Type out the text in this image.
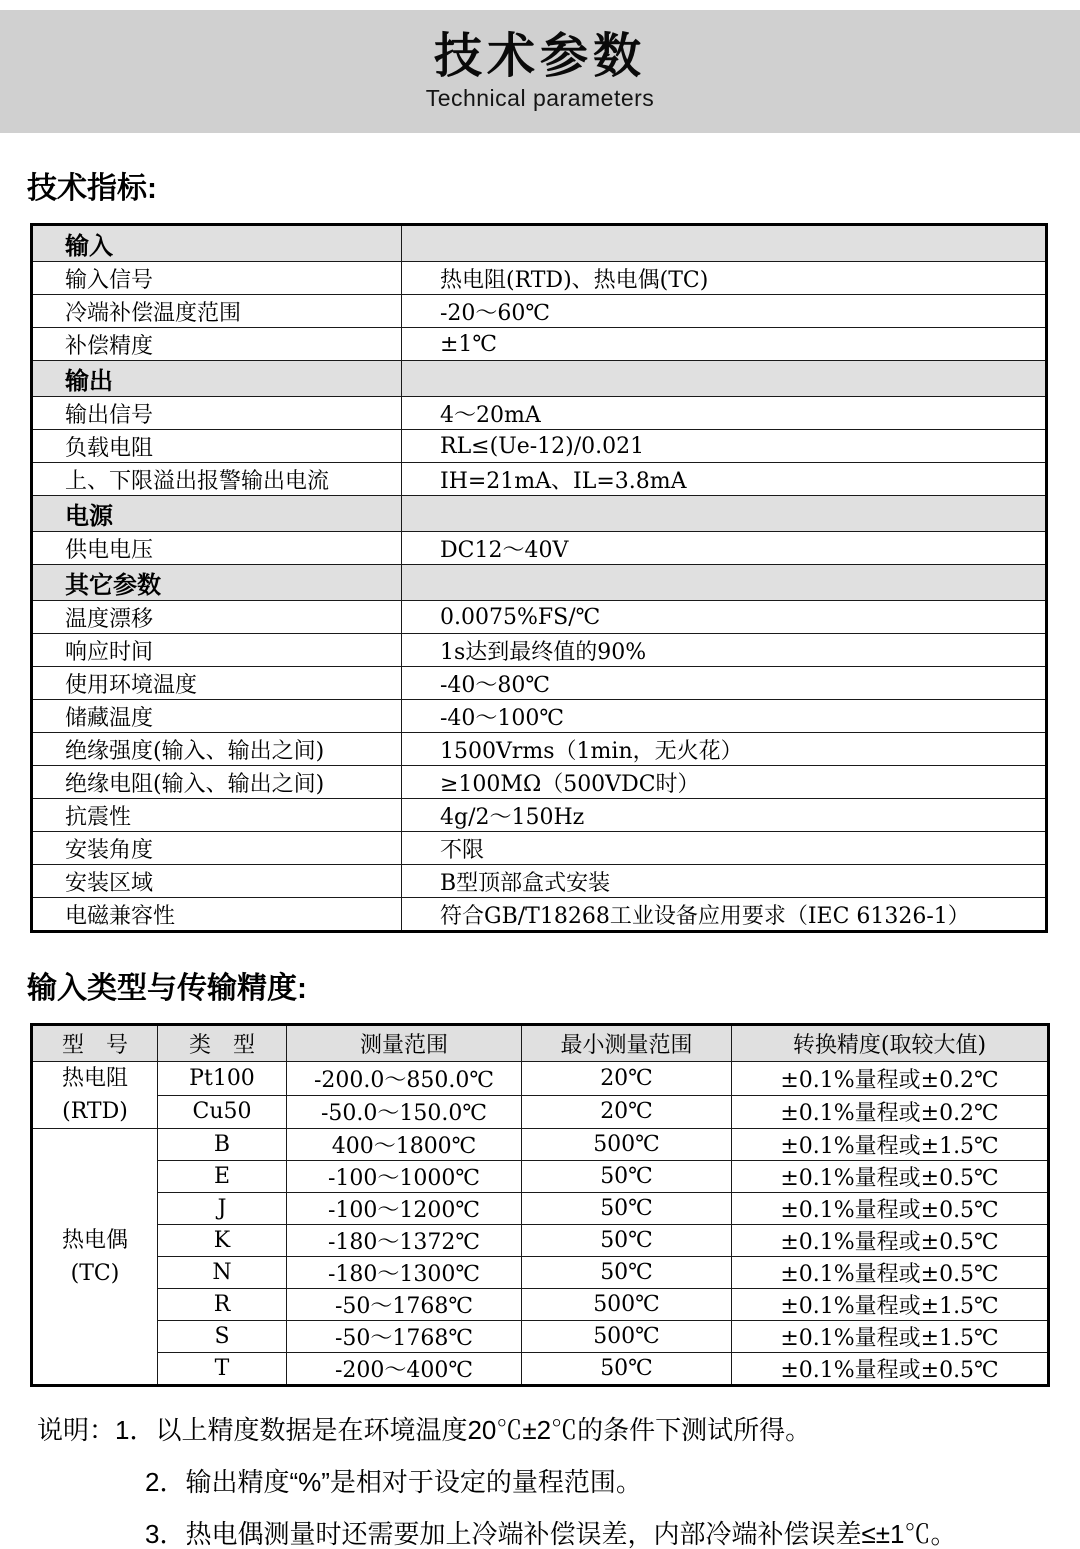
技术参数
Technical parameters
技术指标:
输入	
输入信号	热电阻(RTD)、热电偶(TC)
冷端补偿温度范围	-20～60℃
补偿精度	±1℃
输出	
输出信号	4～20mA
负载电阻	RL≤(Ue-12)/0.021
上、下限溢出报警输出电流	IH=21mA、IL=3.8mA
电源	
供电电压	DC12～40V
其它参数	
温度漂移	0.0075%FS/℃
响应时间	1s达到最终值的90%
使用环境温度	-40～80℃
储藏温度	-40～100℃
绝缘强度(输入、输出之间)	1500Vrms（1min，无火花）
绝缘电阻(输入、输出之间)	≥100MΩ（500VDC时）
抗震性	4g/2～150Hz
安装角度	不限
安装区域	B型顶部盒式安装
电磁兼容性	符合GB/T18268工业设备应用要求（IEC 61326-1）
输入类型与传输精度:
型　号	类　型	测量范围	最小测量范围	转换精度(取较大值)

热电阻
(RTD)	Pt100	-200.0～850.0℃	20℃	±0.1%量程或±0.2℃
	Cu50	-50.0～150.0℃	20℃	±0.1%量程或±0.2℃

热电偶
(TC)	B	400～1800℃	500℃	±0.1%量程或±1.5℃
	E	-100～1000℃	50℃	±0.1%量程或±0.5℃
	J	-100～1200℃	50℃	±0.1%量程或±0.5℃
	K	-180～1372℃	50℃	±0.1%量程或±0.5℃
	N	-180～1300℃	50℃	±0.1%量程或±0.5℃
	R	-50～1768℃	500℃	±0.1%量程或±1.5℃
	S	-50～1768℃	500℃	±0.1%量程或±1.5℃
	T	-200～400℃	50℃	±0.1%量程或±0.5℃
说明：1．以上精度数据是在环境温度20℃±2℃的条件下测试所得。
2．输出精度“%”是相对于设定的量程范围。
3．热电偶测量时还需要加上冷端补偿误差，内部冷端补偿误差≤±1℃。
